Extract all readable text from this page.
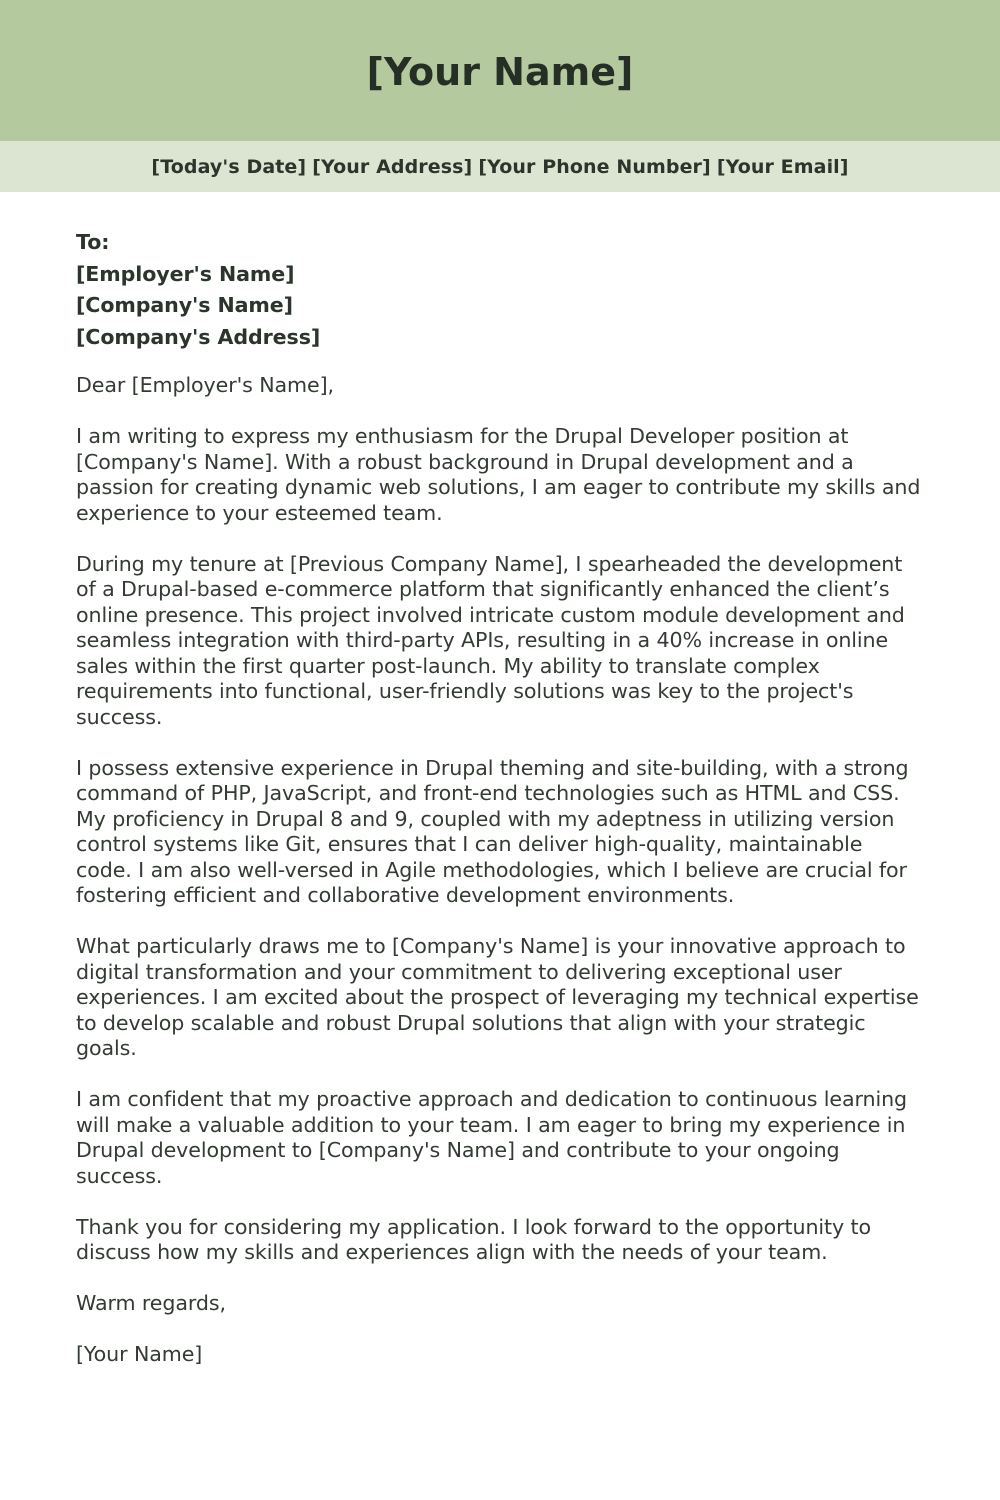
[Your Name]
[Today's Date] [Your Address] [Your Phone Number] [Your Email]
To:
[Employer's Name]
[Company's Name]
[Company's Address]

Dear [Employer's Name],

I am writing to express my enthusiasm for the Drupal Developer position at [Company's Name]. With a robust background in Drupal development and a passion for creating dynamic web solutions, I am eager to contribute my skills and experience to your esteemed team.

During my tenure at [Previous Company Name], I spearheaded the development of a Drupal-based e-commerce platform that significantly enhanced the client’s online presence. This project involved intricate custom module development and seamless integration with third-party APIs, resulting in a 40% increase in online sales within the first quarter post-launch. My ability to translate complex requirements into functional, user-friendly solutions was key to the project's success.

I possess extensive experience in Drupal theming and site-building, with a strong command of PHP, JavaScript, and front-end technologies such as HTML and CSS. My proficiency in Drupal 8 and 9, coupled with my adeptness in utilizing version control systems like Git, ensures that I can deliver high-quality, maintainable code. I am also well-versed in Agile methodologies, which I believe are crucial for fostering efficient and collaborative development environments.

What particularly draws me to [Company's Name] is your innovative approach to digital transformation and your commitment to delivering exceptional user experiences. I am excited about the prospect of leveraging my technical expertise to develop scalable and robust Drupal solutions that align with your strategic goals.

I am confident that my proactive approach and dedication to continuous learning will make a valuable addition to your team. I am eager to bring my experience in Drupal development to [Company's Name] and contribute to your ongoing success.

Thank you for considering my application. I look forward to the opportunity to discuss how my skills and experiences align with the needs of your team.

Warm regards,

[Your Name]
